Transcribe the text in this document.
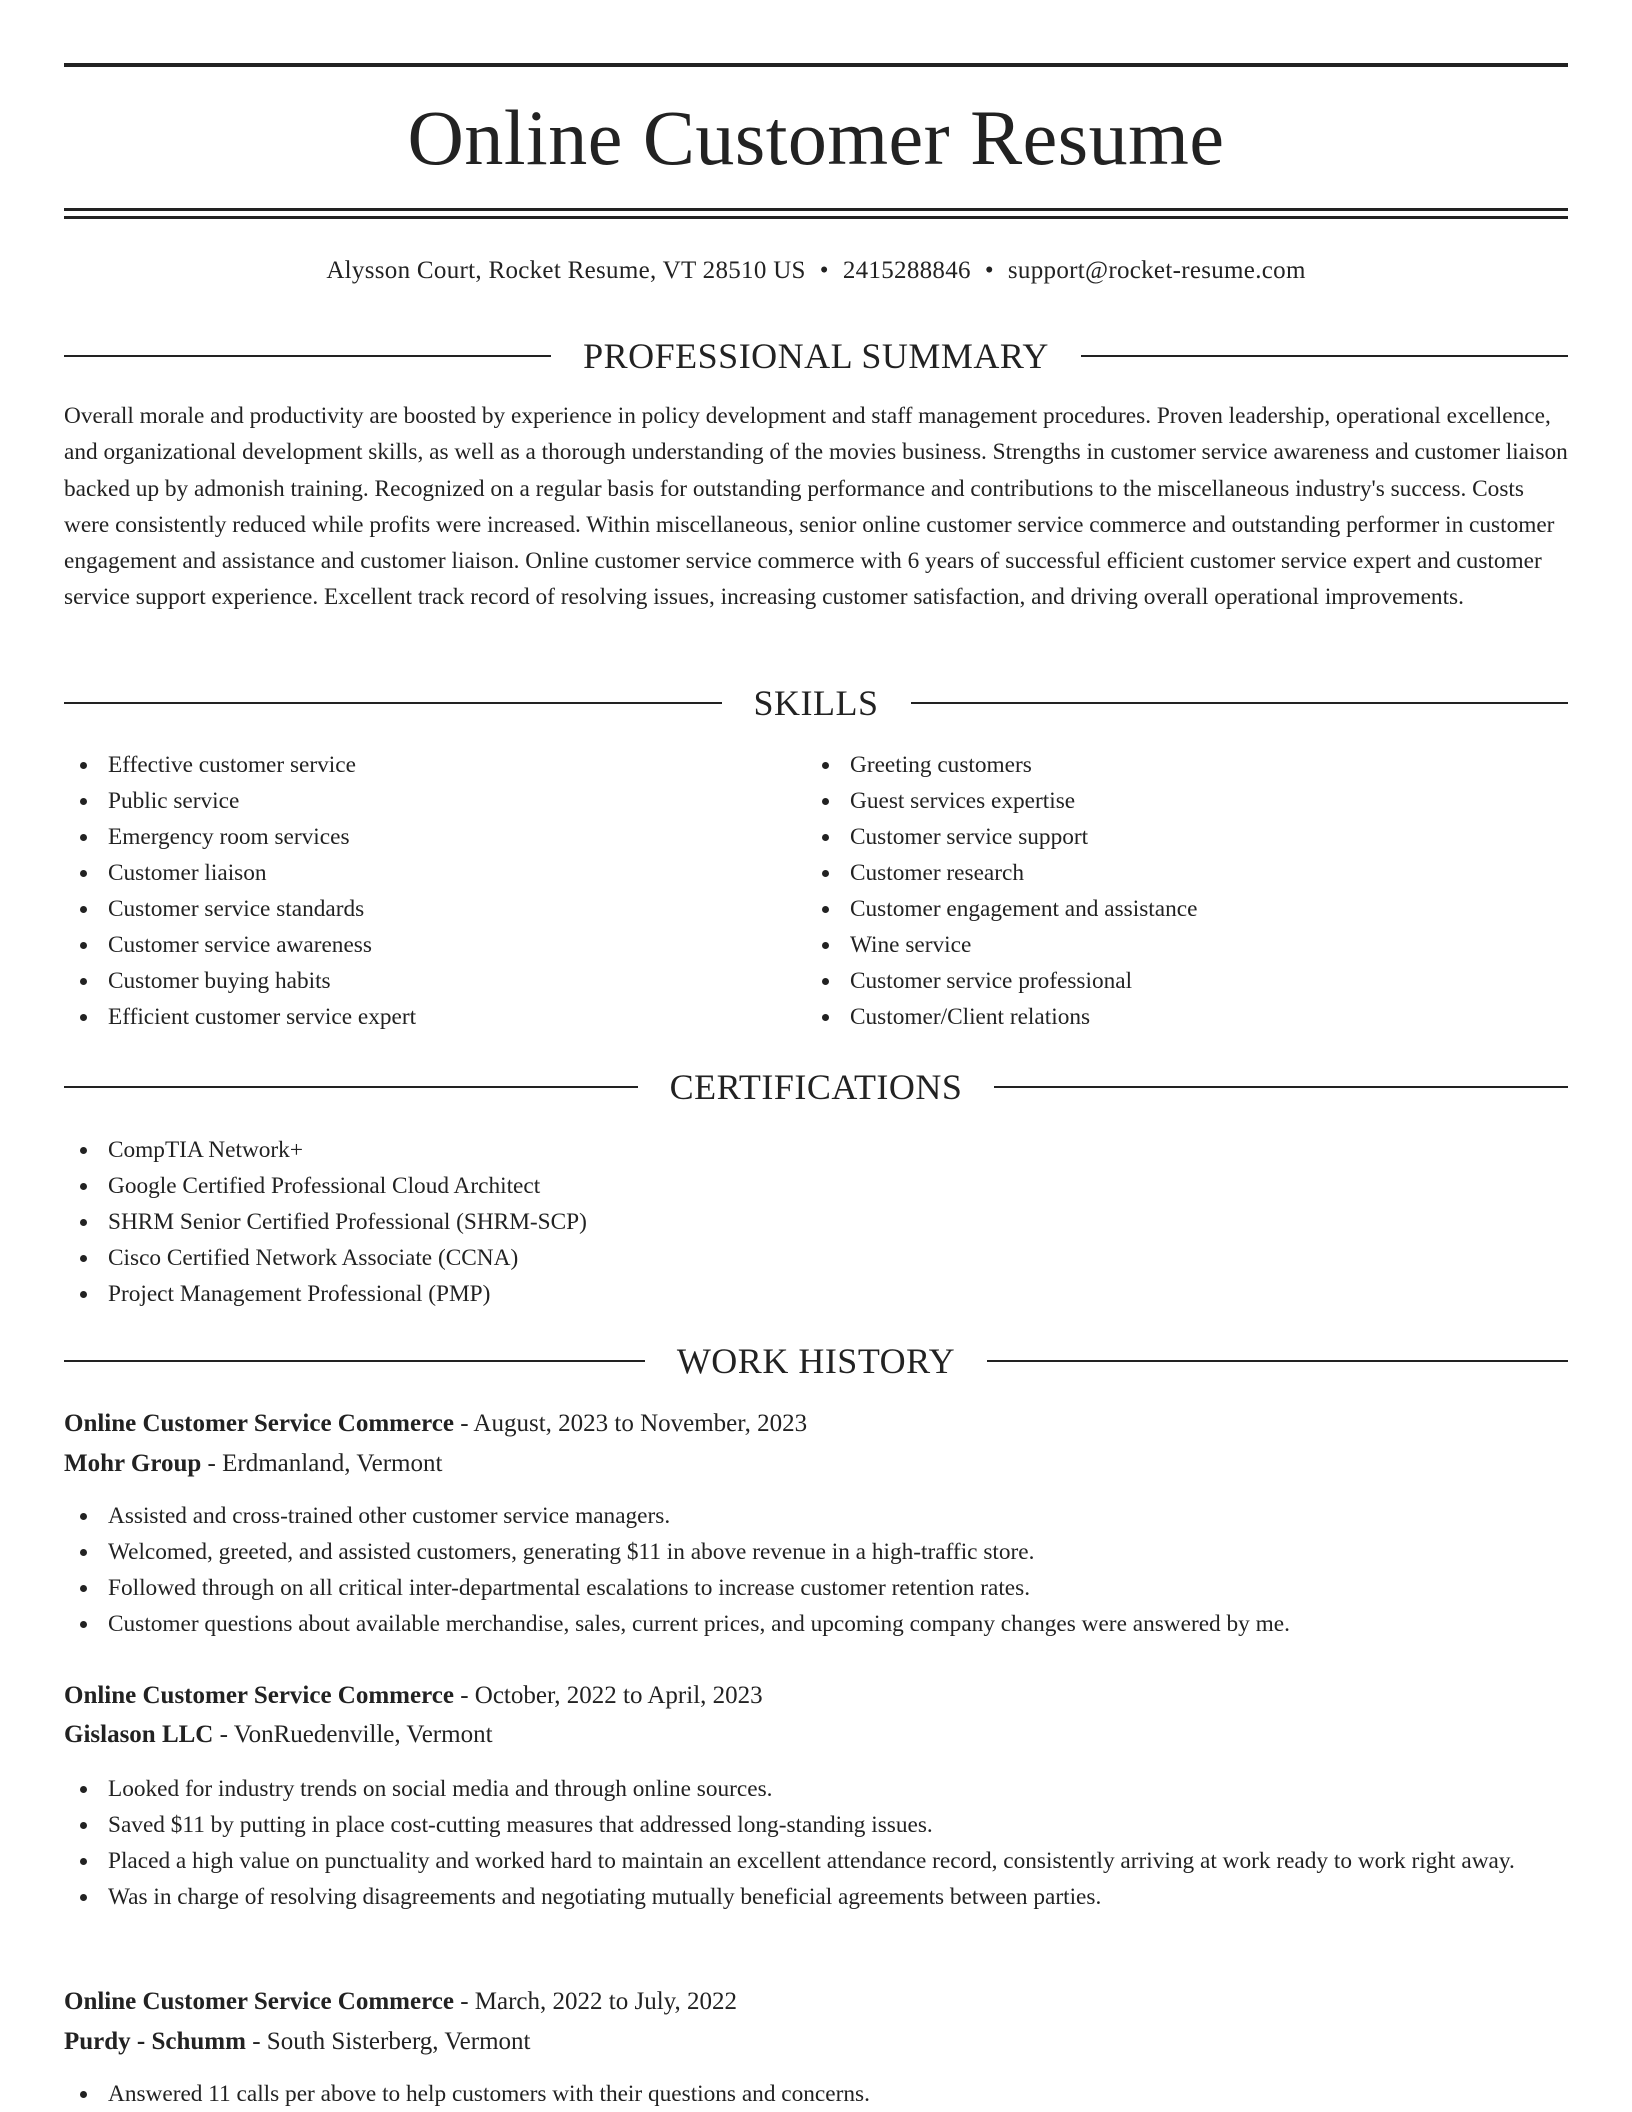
Online Customer Resume
Alysson Court, Rocket Resume, VT 28510 US • 2415288846 • support@rocket-resume.com
PROFESSIONAL SUMMARY

Overall morale and productivity are boosted by experience in policy development and staff management procedures. Proven leadership, operational excellence, and organizational development skills, as well as a thorough understanding of the movies business. Strengths in customer service awareness and customer liaison backed up by admonish training. Recognized on a regular basis for outstanding performance and contributions to the miscellaneous industry's success. Costs were consistently reduced while profits were increased. Within miscellaneous, senior online customer service commerce and outstanding performer in customer engagement and assistance and customer liaison. Online customer service commerce with 6 years of successful efficient customer service expert and customer service support experience. Excellent track record of resolving issues, increasing customer satisfaction, and driving overall operational improvements.

SKILLS
Effective customer service
Public service
Emergency room services
Customer liaison
Customer service standards
Customer service awareness
Customer buying habits
Efficient customer service expert
Greeting customers
Guest services expertise
Customer service support
Customer research
Customer engagement and assistance
Wine service
Customer service professional
Customer/Client relations
CERTIFICATIONS
CompTIA Network+
Google Certified Professional Cloud Architect
SHRM Senior Certified Professional (SHRM-SCP)
Cisco Certified Network Associate (CCNA)
Project Management Professional (PMP)
WORK HISTORY
Online Customer Service Commerce - August, 2023 to November, 2023
Mohr Group - Erdmanland, Vermont
Assisted and cross-trained other customer service managers.
Welcomed, greeted, and assisted customers, generating $11 in above revenue in a high-traffic store.
Followed through on all critical inter-departmental escalations to increase customer retention rates.
Customer questions about available merchandise, sales, current prices, and upcoming company changes were answered by me.
Online Customer Service Commerce - October, 2022 to April, 2023
Gislason LLC - VonRuedenville, Vermont
Looked for industry trends on social media and through online sources.
Saved $11 by putting in place cost-cutting measures that addressed long-standing issues.
Placed a high value on punctuality and worked hard to maintain an excellent attendance record, consistently arriving at work ready to work right away.
Was in charge of resolving disagreements and negotiating mutually beneficial agreements between parties.
Online Customer Service Commerce - March, 2022 to July, 2022
Purdy - Schumm - South Sisterberg, Vermont
Answered 11 calls per above to help customers with their questions and concerns.
